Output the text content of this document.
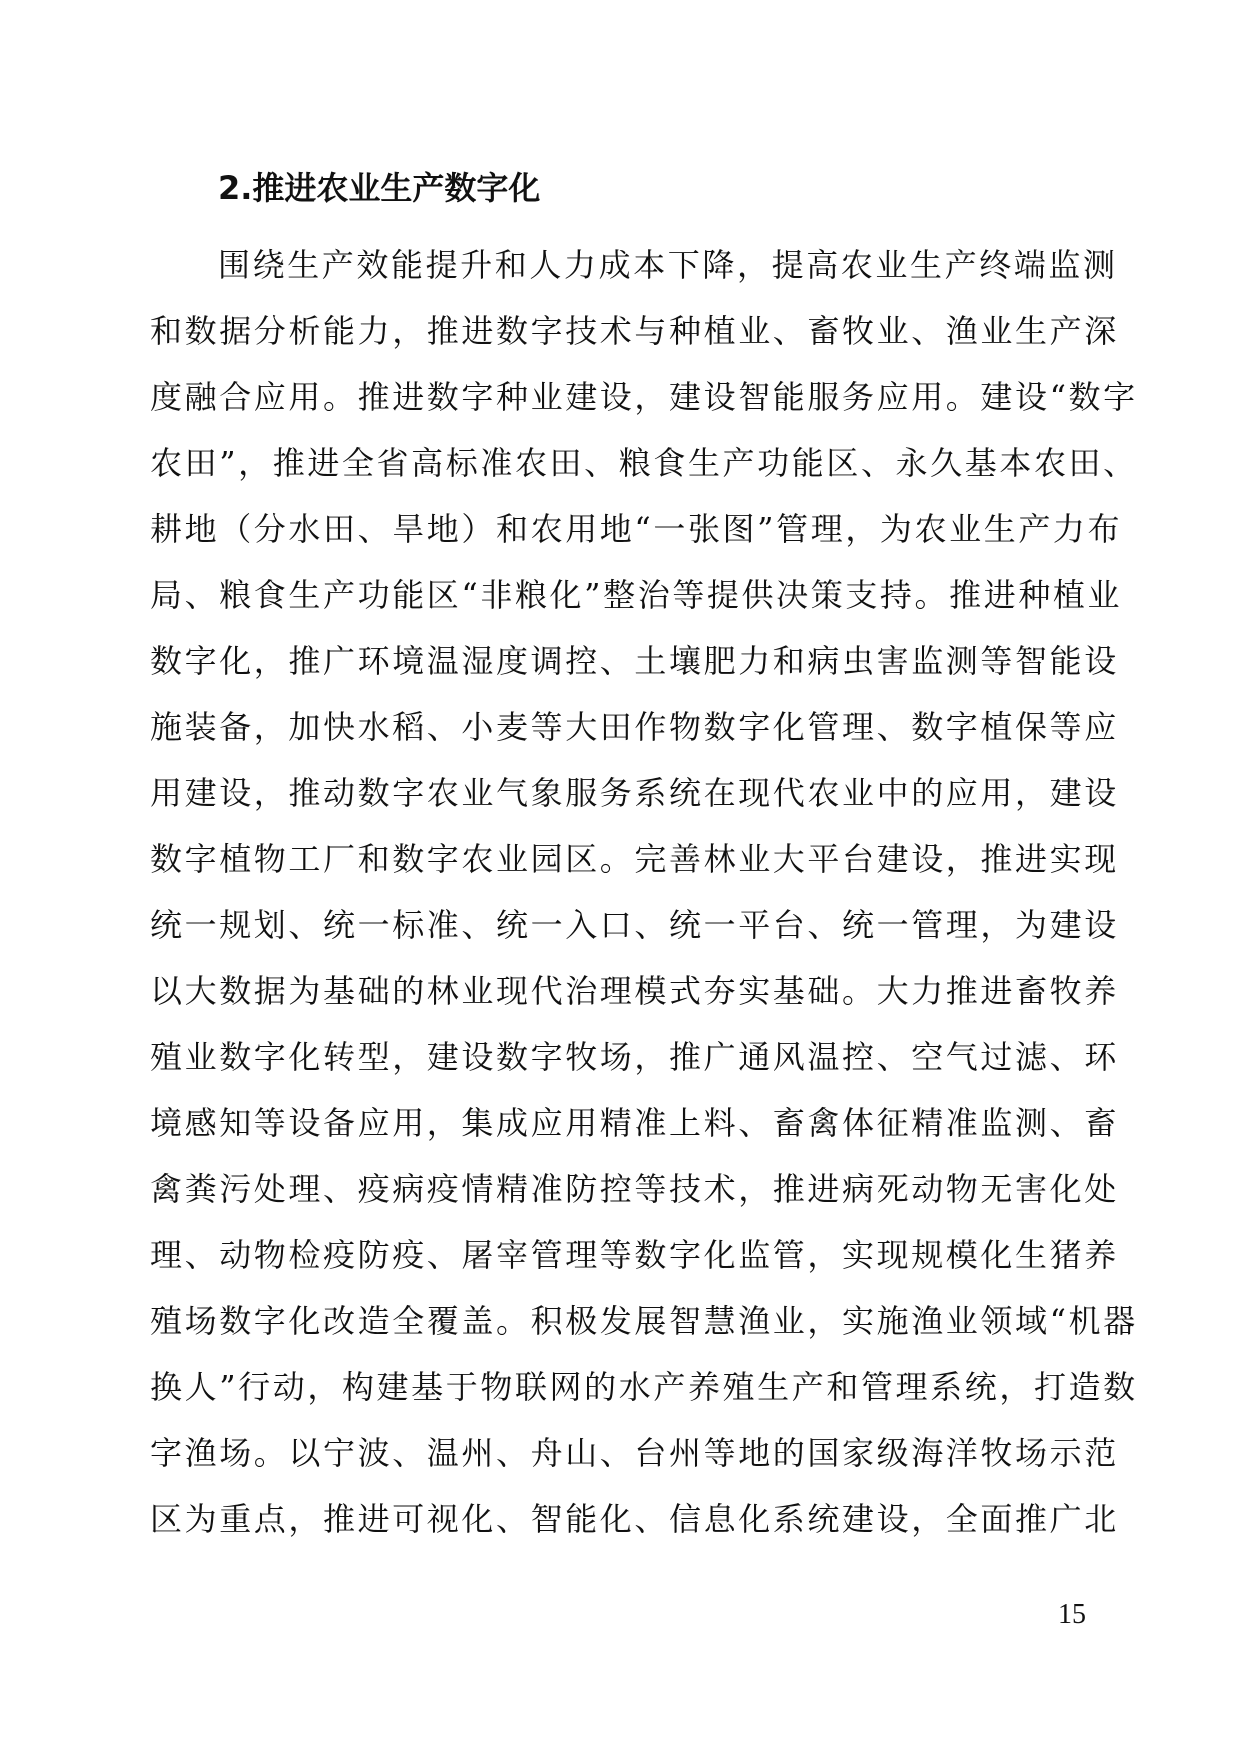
2.推进农业生产数字化
围绕生产效能提升和人力成本下降，提高农业生产终端监测
和数据分析能力，推进数字技术与种植业、畜牧业、渔业生产深
度融合应用。推进数字种业建设，建设智能服务应用。建设“数字
农田”，推进全省高标准农田、粮食生产功能区、永久基本农田、
耕地（分水田、旱地）和农用地“一张图”管理，为农业生产力布
局、粮食生产功能区“非粮化”整治等提供决策支持。推进种植业
数字化，推广环境温湿度调控、土壤肥力和病虫害监测等智能设
施装备，加快水稻、小麦等大田作物数字化管理、数字植保等应
用建设，推动数字农业气象服务系统在现代农业中的应用，建设
数字植物工厂和数字农业园区。完善林业大平台建设，推进实现
统一规划、统一标准、统一入口、统一平台、统一管理，为建设
以大数据为基础的林业现代治理模式夯实基础。大力推进畜牧养
殖业数字化转型，建设数字牧场，推广通风温控、空气过滤、环
境感知等设备应用，集成应用精准上料、畜禽体征精准监测、畜
禽粪污处理、疫病疫情精准防控等技术，推进病死动物无害化处
理、动物检疫防疫、屠宰管理等数字化监管，实现规模化生猪养
殖场数字化改造全覆盖。积极发展智慧渔业，实施渔业领域“机器
换人”行动，构建基于物联网的水产养殖生产和管理系统，打造数
字渔场。以宁波、温州、舟山、台州等地的国家级海洋牧场示范
区为重点，推进可视化、智能化、信息化系统建设，全面推广北
15
